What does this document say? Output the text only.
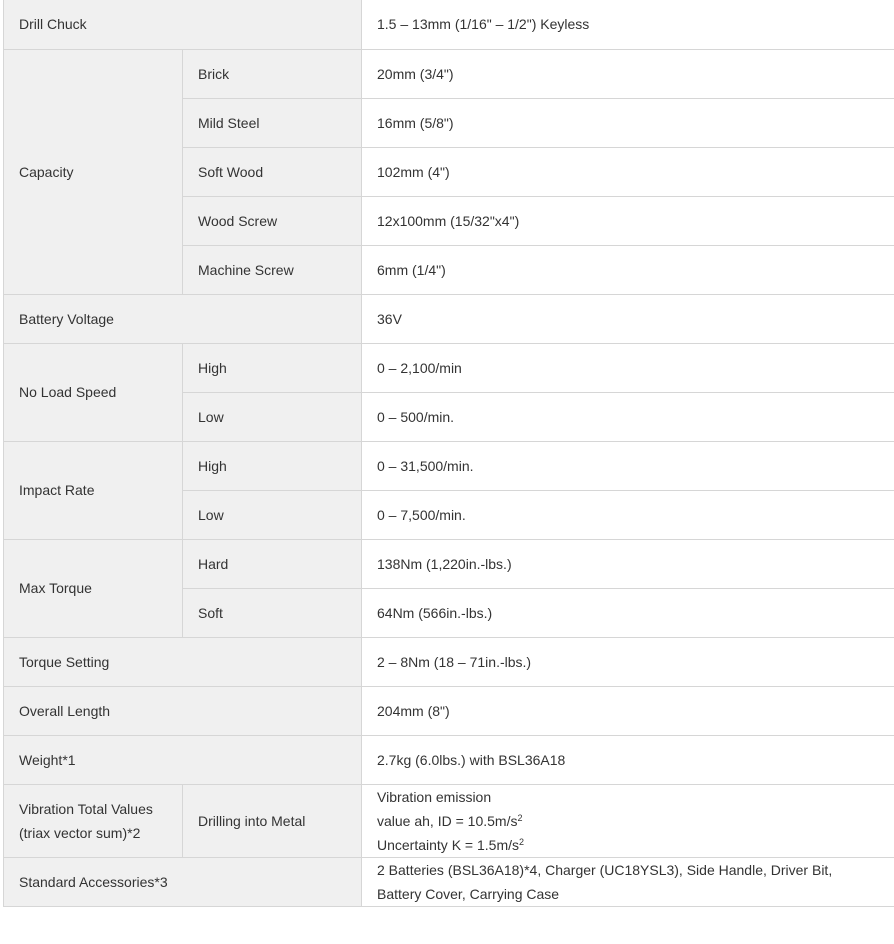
Drill Chuck		1.5 – 13mm (1/16" – 1/2") Keyless
Capacity	Brick	20mm (3/4")
	Mild Steel	16mm (5/8")
	Soft Wood	102mm (4")
	Wood Screw	12x100mm (15/32"x4")
	Machine Screw	6mm (1/4")
Battery Voltage		36V
No Load Speed	High	0 – 2,100/min
	Low	0 – 500/min.
Impact Rate	High	0 – 31,500/min.
	Low	0 – 7,500/min.
Max Torque	Hard	138Nm (1,220in.-lbs.)
	Soft	64Nm (566in.-lbs.)
Torque Setting		2 – 8Nm (18 – 71in.-lbs.)
Overall Length		204mm (8")
Weight*1		2.7kg (6.0lbs.) with BSL36A18

Vibration Total Values
(triax vector sum)*2	Drilling into Metal	Vibration emission
value ah, ID = $10.5m/s^2$
Uncertainty $K = 1.5m/s^2$

Standard Accessories*3		2 Batteries (BSL36A18)*4, Charger (UC18YSL3), Side Handle, Driver Bit,
Battery Cover, Carrying Case
